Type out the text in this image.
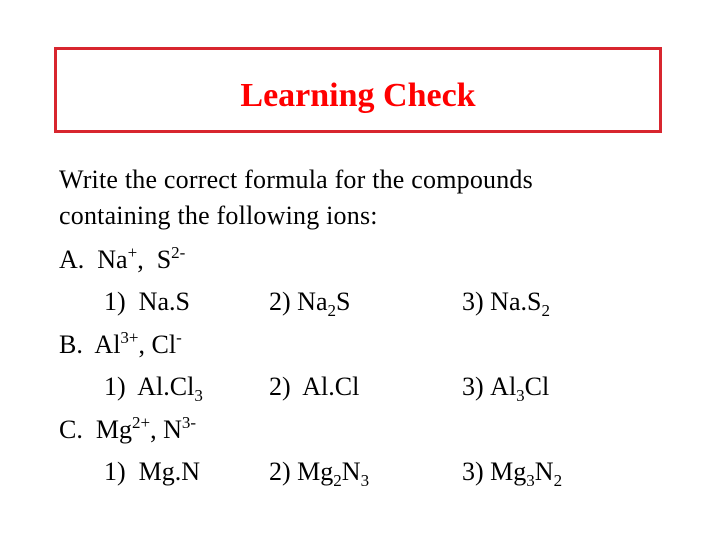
Learning Check
Write the correct formula for the compounds
containing the following ions:
A. Na+,  $S^{2-}$
1) Na.S	2) $Na_2S$	3) $Na.S_2$
B. $Al^{3+}$, Cl-
1) $Al.Cl_3$	2) Al.Cl	3) $Al_3Cl$
C. $Mg^{2+}$, $N^{3-}$
1) Mg.N	2) $Mg_2N_3$	3) $Mg_3N_2$
